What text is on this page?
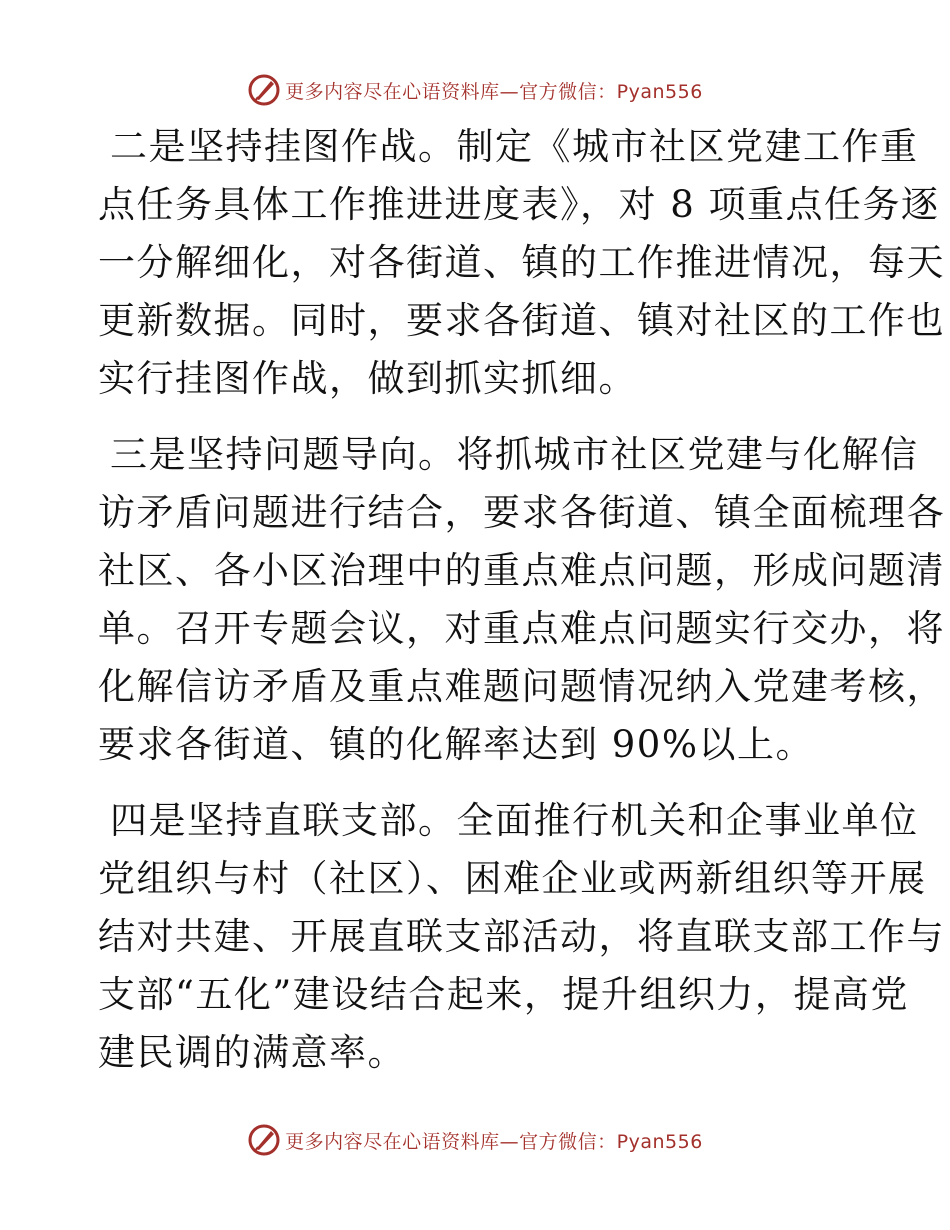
更多内容尽在心语资料库—官方微信：Pyan556
二是坚持挂图作战。制定《城市社区党建工作重
点任务具体工作推进进度表》，对 8 项重点任务逐
一分解细化，对各街道、镇的工作推进情况，每天
更新数据。同时，要求各街道、镇对社区的工作也
实行挂图作战，做到抓实抓细。
三是坚持问题导向。将抓城市社区党建与化解信
访矛盾问题进行结合，要求各街道、镇全面梳理各
社区、各小区治理中的重点难点问题，形成问题清
单。召开专题会议，对重点难点问题实行交办，将
化解信访矛盾及重点难题问题情况纳入党建考核，
要求各街道、镇的化解率达到 90%以上。
四是坚持直联支部。全面推行机关和企事业单位
党组织与村（社区）、困难企业或两新组织等开展
结对共建、开展直联支部活动，将直联支部工作与
支部“五化”建设结合起来，提升组织力，提高党
建民调的满意率。
更多内容尽在心语资料库—官方微信：Pyan556
